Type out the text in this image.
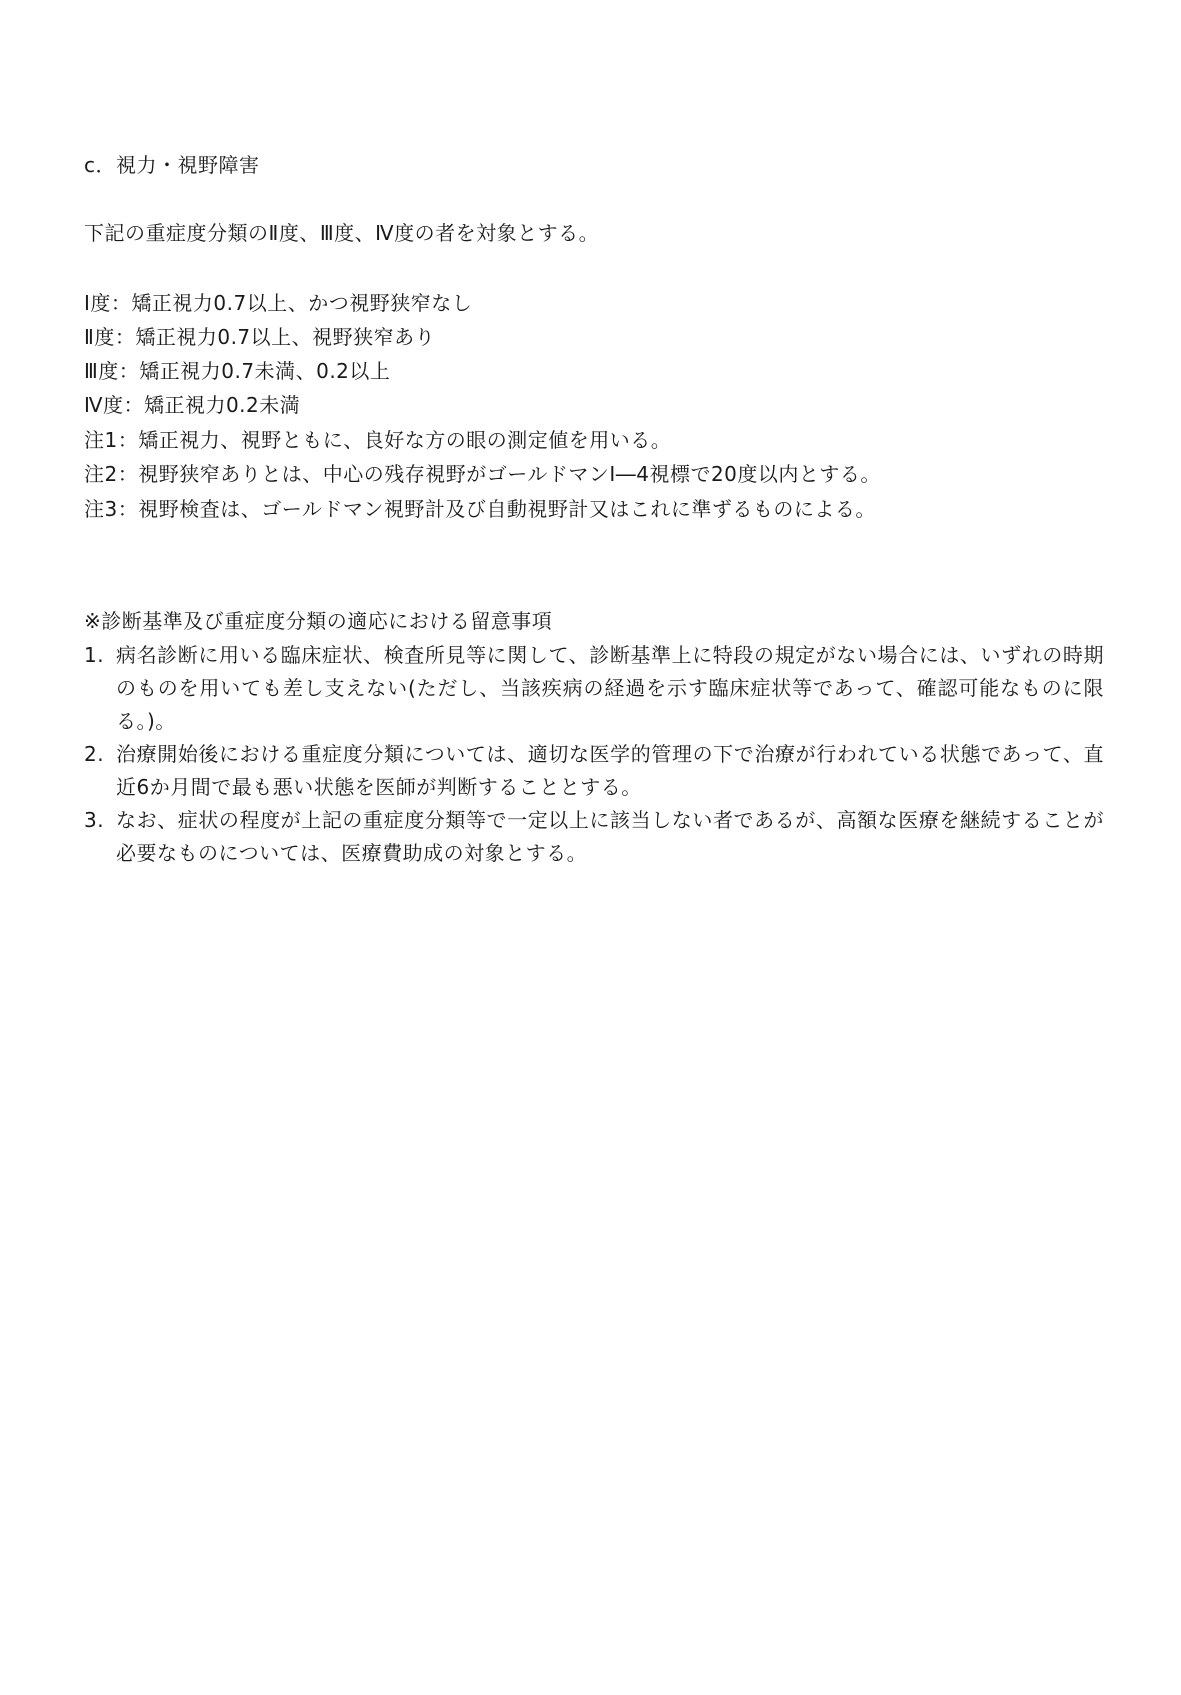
c．視力・視野障害
下記の重症度分類のⅡ度、Ⅲ度、Ⅳ度の者を対象とする。
Ⅰ度：矯正視力0.7以上、かつ視野狭窄なし
Ⅱ度：矯正視力0.7以上、視野狭窄あり
Ⅲ度：矯正視力0.7未満、0.2以上
Ⅳ度：矯正視力0.2未満
注1：矯正視力、視野ともに、良好な方の眼の測定値を用いる。
注2：視野狭窄ありとは、中心の残存視野がゴールドマンⅠ―4視標で20度以内とする。
注3：視野検査は、ゴールドマン視野計及び自動視野計又はこれに準ずるものによる。
※診断基準及び重症度分類の適応における留意事項
1. 病名診断に用いる臨床症状、検査所見等に関して、診断基準上に特段の規定がない場合には、いずれの時期のものを用いても差し支えない(ただし、当該疾病の経過を示す臨床症状等であって、確認可能なものに限る。)。
2. 治療開始後における重症度分類については、適切な医学的管理の下で治療が行われている状態であって、直近6か月間で最も悪い状態を医師が判断することとする。
3. なお、症状の程度が上記の重症度分類等で一定以上に該当しない者であるが、高額な医療を継続することが必要なものについては、医療費助成の対象とする。
